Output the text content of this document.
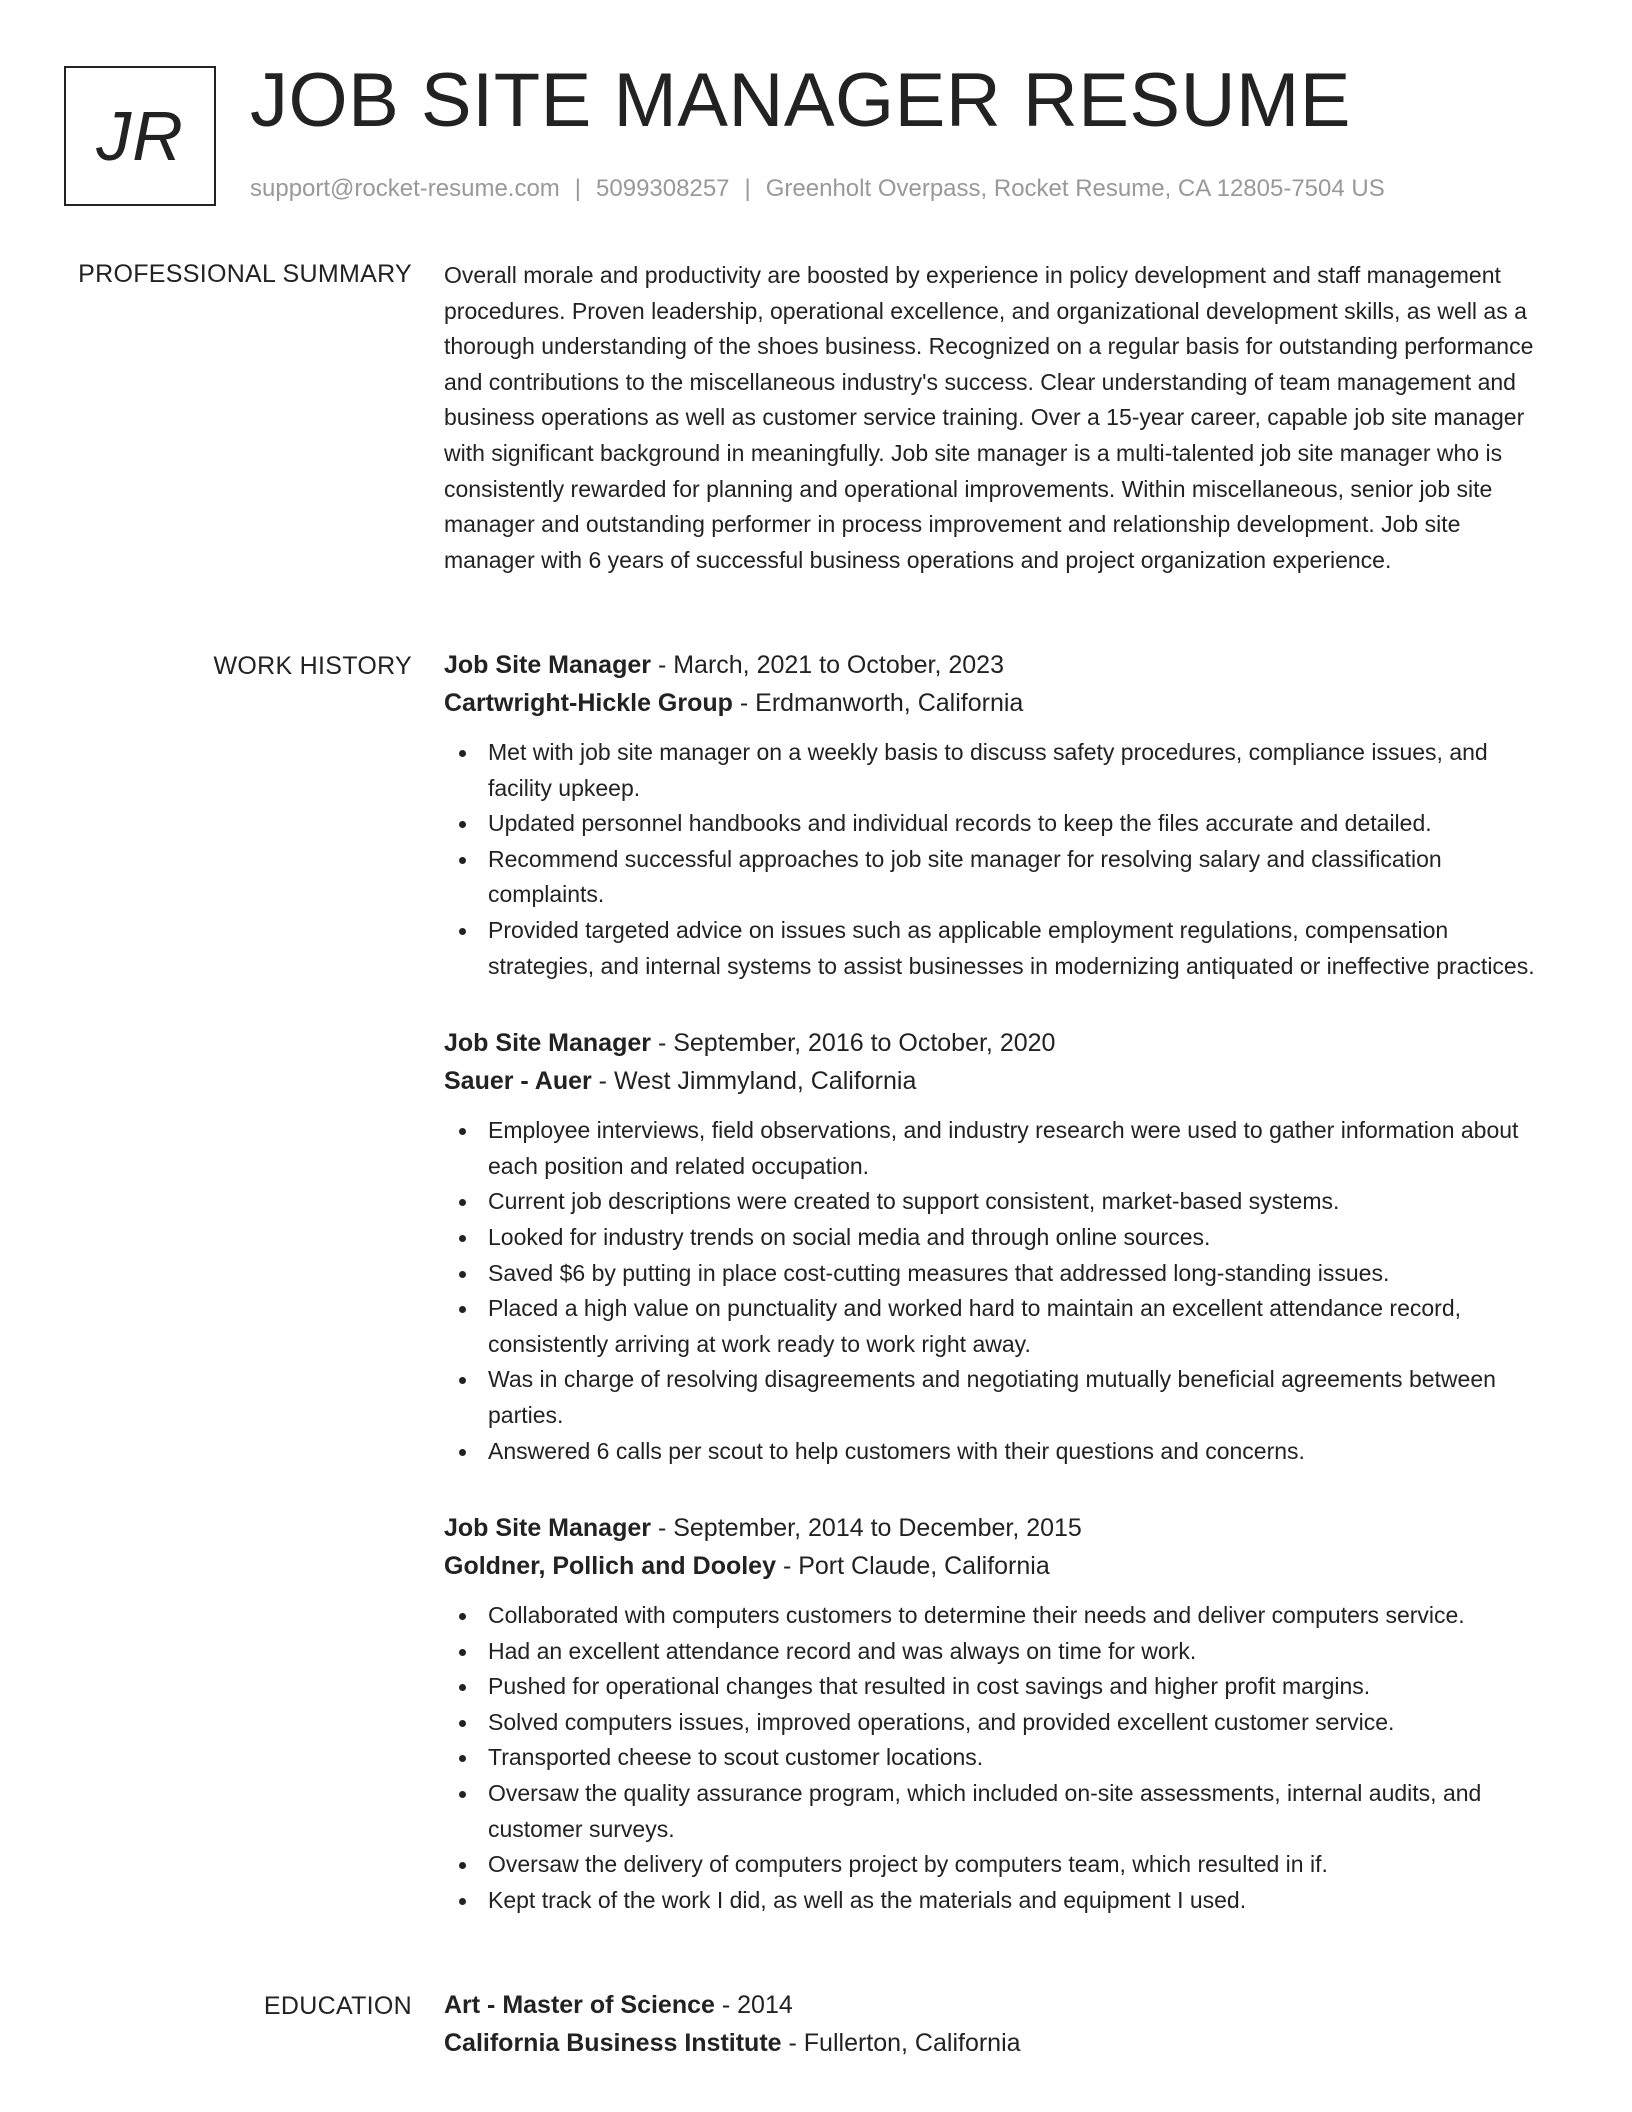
JR JOB SITE MANAGER RESUME
support@rocket-resume.com | 5099308257 | Greenholt Overpass, Rocket Resume, CA 12805-7504 US
PROFESSIONAL SUMMARY Overall morale and productivity are boosted by experience in policy development and staff management procedures. Proven leadership, operational excellence, and organizational development skills, as well as a thorough understanding of the shoes business. Recognized on a regular basis for outstanding performance and contributions to the miscellaneous industry's success. Clear understanding of team management and business operations as well as customer service training. Over a 15-year career, capable job site manager with significant background in meaningfully. Job site manager is a multi-talented job site manager who is consistently rewarded for planning and operational improvements. Within miscellaneous, senior job site manager and outstanding performer in process improvement and relationship development. Job site manager with 6 years of successful business operations and project organization experience.

WORK HISTORY Job Site Manager - March, 2021 to October, 2023
Cartwright-Hickle Group - Erdmanworth, California
Met with job site manager on a weekly basis to discuss safety procedures, compliance issues, and facility upkeep.
Updated personnel handbooks and individual records to keep the files accurate and detailed.
Recommend successful approaches to job site manager for resolving salary and classification complaints.
Provided targeted advice on issues such as applicable employment regulations, compensation strategies, and internal systems to assist businesses in modernizing antiquated or ineffective practices.
Job Site Manager - September, 2016 to October, 2020
Sauer - Auer - West Jimmyland, California
Employee interviews, field observations, and industry research were used to gather information about each position and related occupation.
Current job descriptions were created to support consistent, market-based systems.
Looked for industry trends on social media and through online sources.
Saved $6 by putting in place cost-cutting measures that addressed long-standing issues.
Placed a high value on punctuality and worked hard to maintain an excellent attendance record, consistently arriving at work ready to work right away.
Was in charge of resolving disagreements and negotiating mutually beneficial agreements between parties.
Answered 6 calls per scout to help customers with their questions and concerns.
Job Site Manager - September, 2014 to December, 2015
Goldner, Pollich and Dooley - Port Claude, California
Collaborated with computers customers to determine their needs and deliver computers service.
Had an excellent attendance record and was always on time for work.
Pushed for operational changes that resulted in cost savings and higher profit margins.
Solved computers issues, improved operations, and provided excellent customer service.
Transported cheese to scout customer locations.
Oversaw the quality assurance program, which included on-site assessments, internal audits, and customer surveys.
Oversaw the delivery of computers project by computers team, which resulted in if.
Kept track of the work I did, as well as the materials and equipment I used.
EDUCATION Art - Master of Science - 2014
California Business Institute - Fullerton, California
